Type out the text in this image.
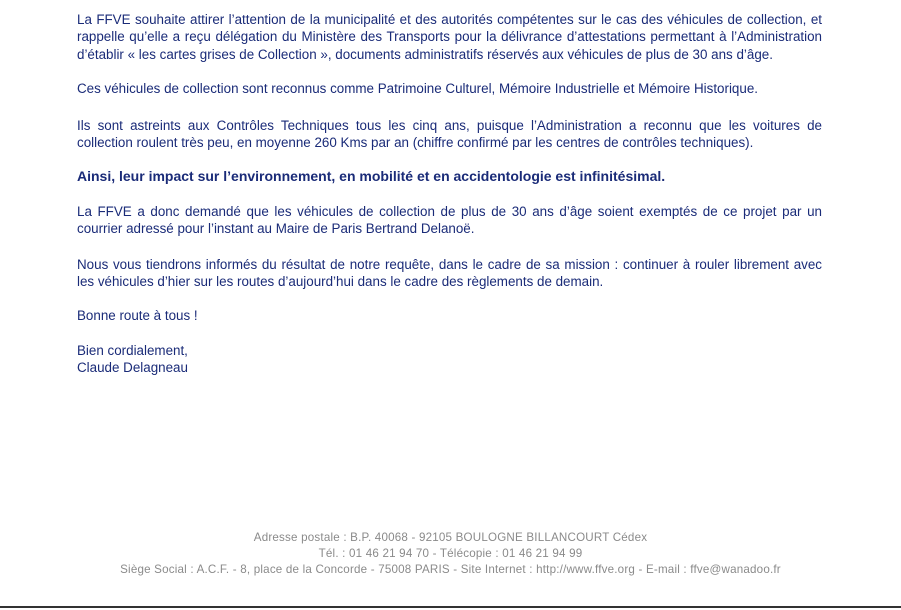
La FFVE souhaite attirer l’attention de la municipalité et des autorités compétentes sur le cas des véhicules de collection, et rappelle qu’elle a reçu délégation du Ministère des Transports pour la délivrance d’attestations permettant à l’Administration d’établir « les cartes grises de Collection », documents administratifs réservés aux véhicules de plus de 30 ans d’âge.

Ces véhicules de collection sont reconnus comme Patrimoine Culturel, Mémoire Industrielle et Mémoire Historique.

Ils sont astreints aux Contrôles Techniques tous les cinq ans, puisque l’Administration a reconnu que les voitures de collection roulent très peu, en moyenne 260 Kms par an (chiffre confirmé par les centres de contrôles techniques).

Ainsi, leur impact sur l’environnement, en mobilité et en accidentologie est infinitésimal.

La FFVE a donc demandé que les véhicules de collection de plus de 30 ans d’âge soient exemptés de ce projet par un courrier adressé pour l’instant au Maire de Paris Bertrand Delanoë.

Nous vous tiendrons informés du résultat de notre requête, dans le cadre de sa mission : continuer à rouler librement avec les véhicules d’hier sur les routes d’aujourd’hui dans le cadre des règlements de demain.

Bonne route à tous !

Bien cordialement,
Claude Delagneau

Adresse postale : B.P. 40068 - 92105 BOULOGNE BILLANCOURT Cédex
Tél. : 01 46 21 94 70 - Télécopie : 01 46 21 94 99
Siège Social : A.C.F. - 8, place de la Concorde - 75008 PARIS - Site Internet : http://www.ffve.org - E-mail : ffve@wanadoo.fr
